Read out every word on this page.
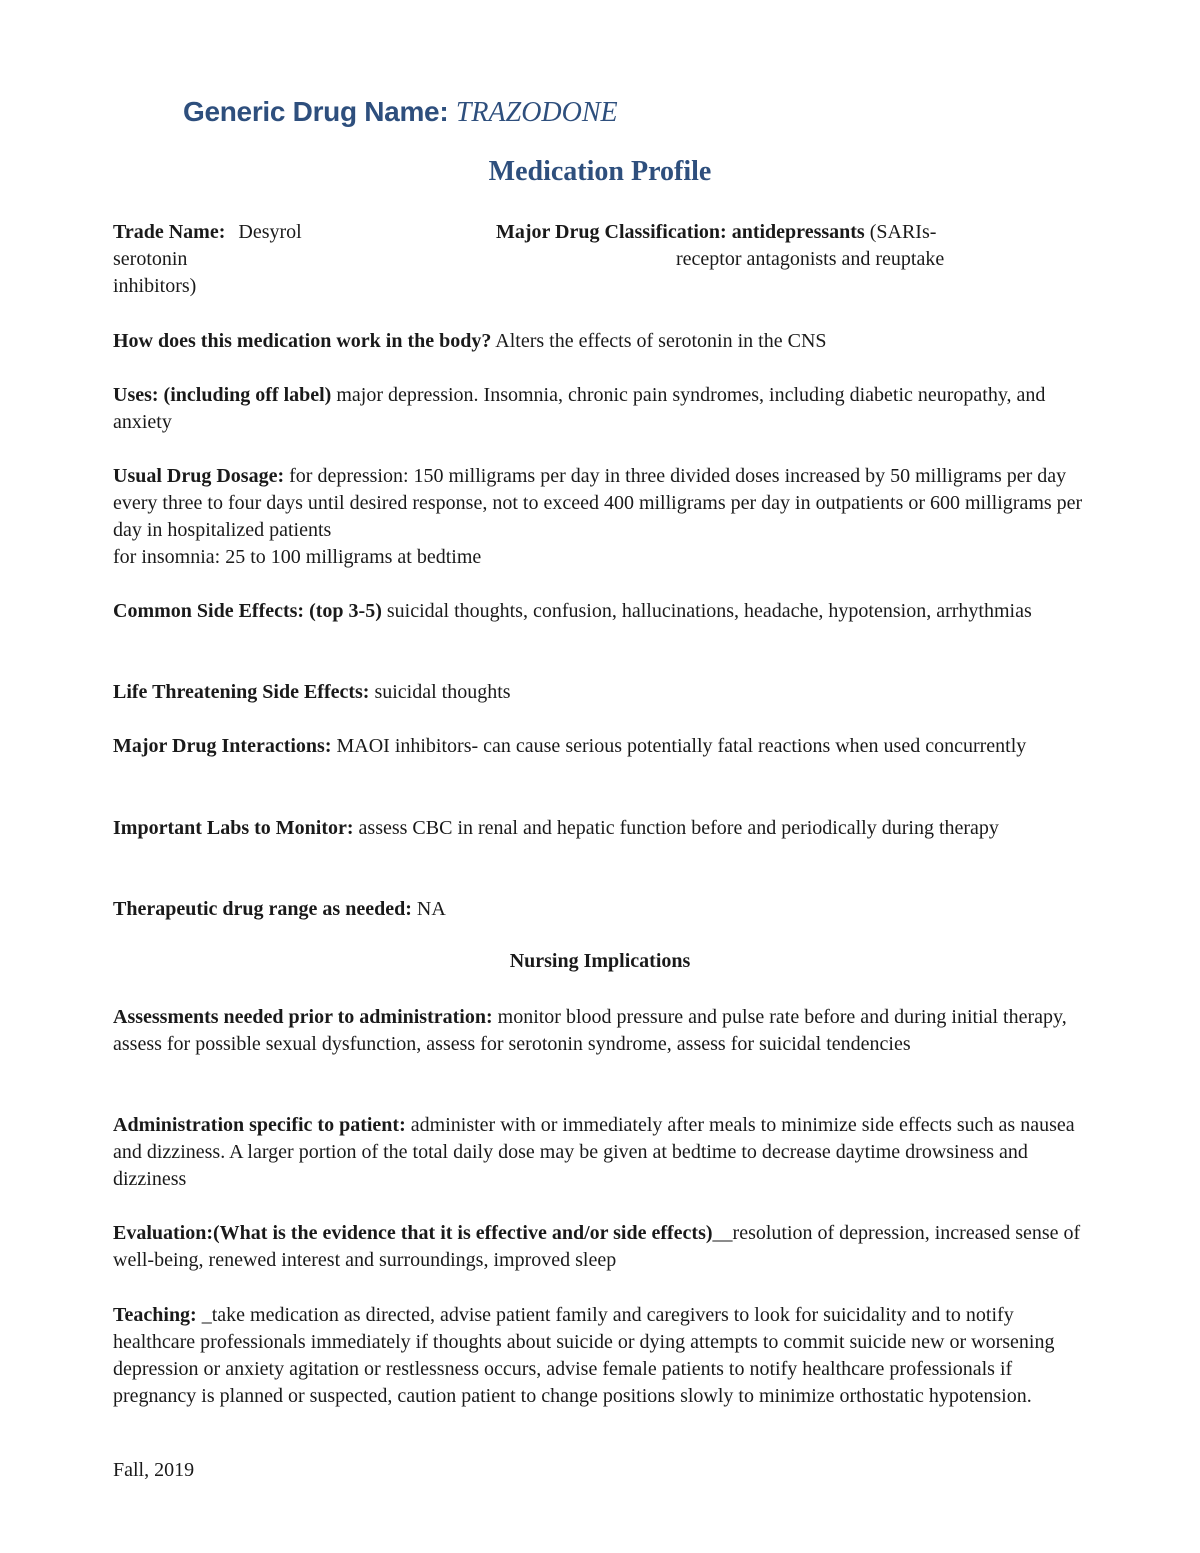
Generic Drug Name: TRAZODONE
Medication Profile
Trade Name: Desyrol	Major Drug Classification: antidepressants (SARIs-
serotonin	receptor antagonists and reuptake
inhibitors)
How does this medication work in the body? Alters the effects of serotonin in the CNS
Uses: (including off label) major depression. Insomnia, chronic pain syndromes, including diabetic neuropathy, and anxiety
Usual Drug Dosage: for depression: 150 milligrams per day in three divided doses increased by 50 milligrams per day every three to four days until desired response, not to exceed 400 milligrams per day in outpatients or 600 milligrams per day in hospitalized patients
for insomnia: 25 to 100 milligrams at bedtime
Common Side Effects: (top 3-5) suicidal thoughts, confusion, hallucinations, headache, hypotension, arrhythmias
Life Threatening Side Effects: suicidal thoughts
Major Drug Interactions: MAOI inhibitors- can cause serious potentially fatal reactions when used concurrently
Important Labs to Monitor: assess CBC in renal and hepatic function before and periodically during therapy
Therapeutic drug range as needed: NA
Nursing Implications
Assessments needed prior to administration: monitor blood pressure and pulse rate before and during initial therapy, assess for possible sexual dysfunction, assess for serotonin syndrome, assess for suicidal tendencies
Administration specific to patient: administer with or immediately after meals to minimize side effects such as nausea and dizziness. A larger portion of the total daily dose may be given at bedtime to decrease daytime drowsiness and dizziness
Evaluation:(What is the evidence that it is effective and/or side effects)__resolution of depression, increased sense of well-being, renewed interest and surroundings, improved sleep
Teaching: _take medication as directed, advise patient family and caregivers to look for suicidality and to notify healthcare professionals immediately if thoughts about suicide or dying attempts to commit suicide new or worsening depression or anxiety agitation or restlessness occurs, advise female patients to notify healthcare professionals if pregnancy is planned or suspected, caution patient to change positions slowly to minimize orthostatic hypotension.
Fall, 2019
